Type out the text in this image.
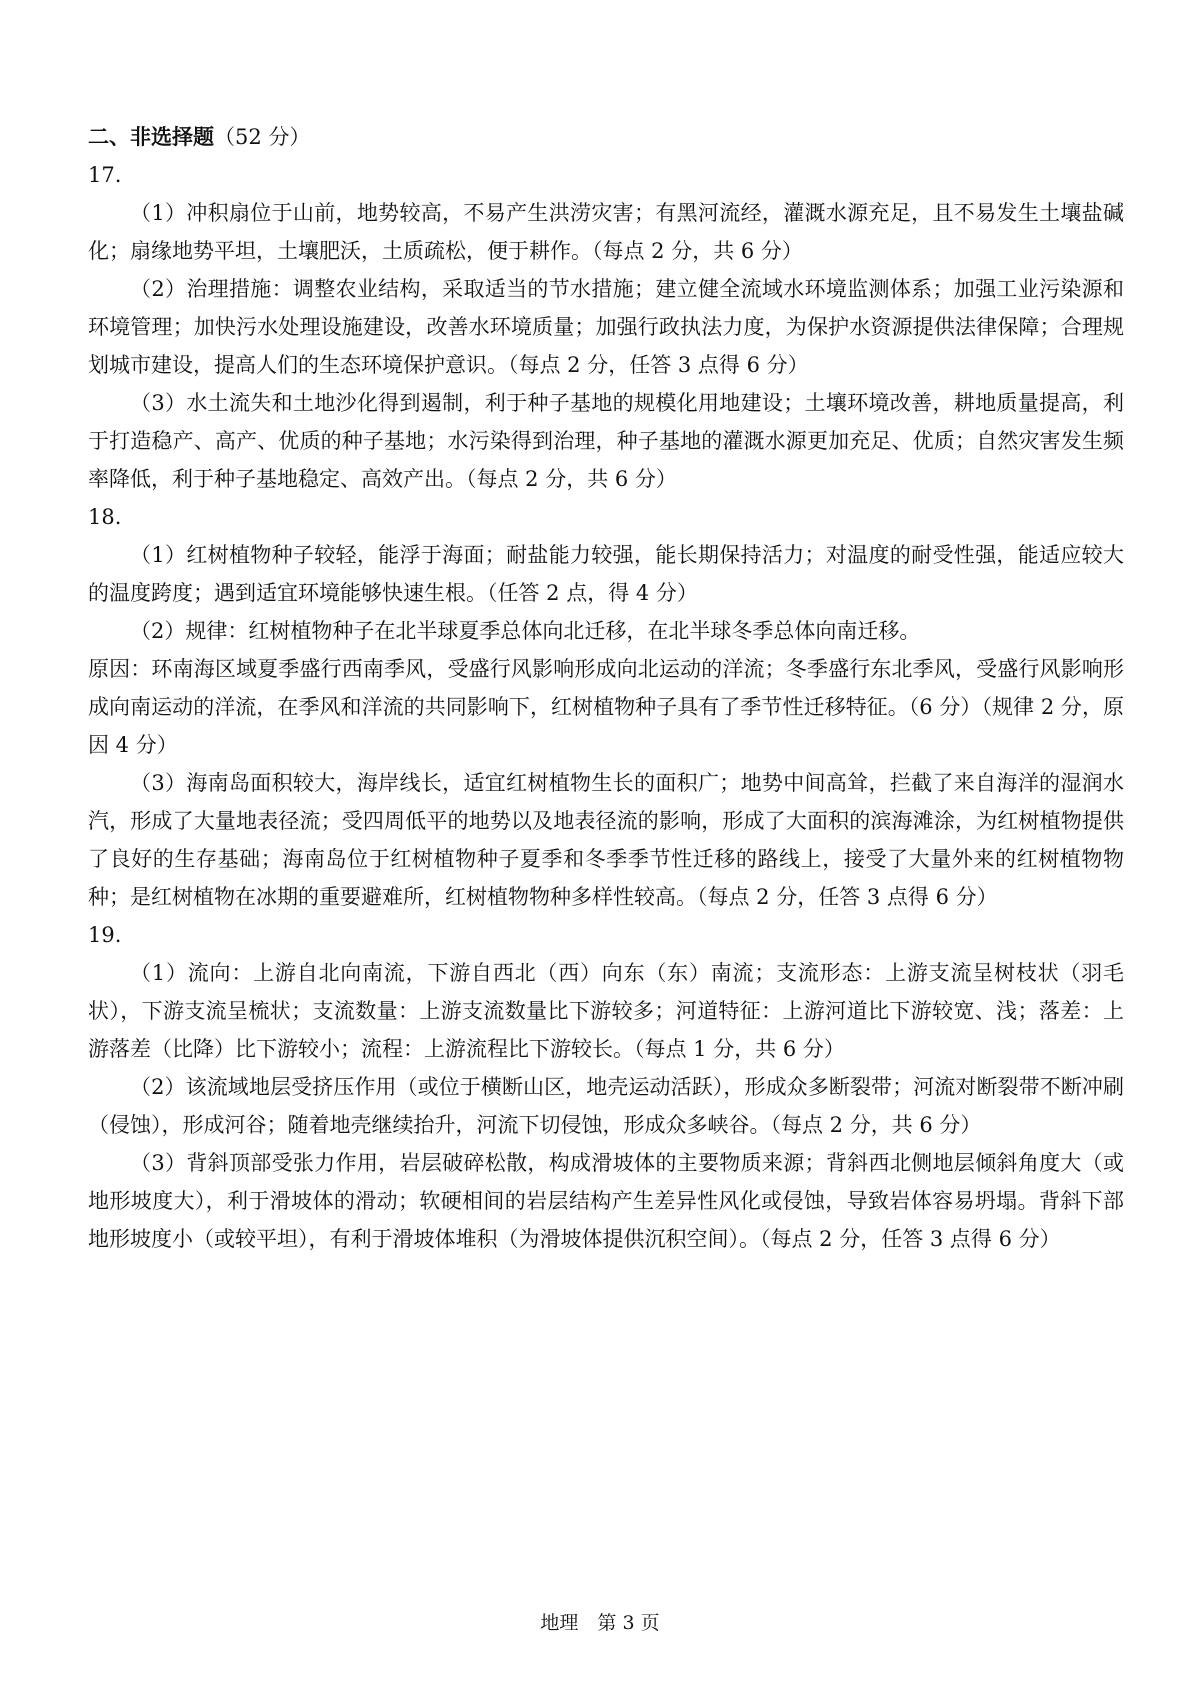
二、非选择题（52 分）

17.

（1）冲积扇位于山前，地势较高，不易产生洪涝灾害；有黑河流经，灌溉水源充足，且不易发生土壤盐碱化；扇缘地势平坦，土壤肥沃，土质疏松，便于耕作。（每点 2 分，共 6 分）

（2）治理措施：调整农业结构，采取适当的节水措施；建立健全流域水环境监测体系；加强工业污染源和环境管理；加快污水处理设施建设，改善水环境质量；加强行政执法力度，为保护水资源提供法律保障；合理规划城市建设，提高人们的生态环境保护意识。（每点 2 分，任答 3 点得 6 分）

（3）水土流失和土地沙化得到遏制，利于种子基地的规模化用地建设；土壤环境改善，耕地质量提高，利于打造稳产、高产、优质的种子基地；水污染得到治理，种子基地的灌溉水源更加充足、优质；自然灾害发生频率降低，利于种子基地稳定、高效产出。（每点 2 分，共 6 分）

18.

（1）红树植物种子较轻，能浮于海面；耐盐能力较强，能长期保持活力；对温度的耐受性强，能适应较大的温度跨度；遇到适宜环境能够快速生根。（任答 2 点，得 4 分）

（2）规律：红树植物种子在北半球夏季总体向北迁移，在北半球冬季总体向南迁移。

原因：环南海区域夏季盛行西南季风，受盛行风影响形成向北运动的洋流；冬季盛行东北季风，受盛行风影响形成向南运动的洋流，在季风和洋流的共同影响下，红树植物种子具有了季节性迁移特征。（6 分）（规律 2 分，原因 4 分）

（3）海南岛面积较大，海岸线长，适宜红树植物生长的面积广；地势中间高耸，拦截了来自海洋的湿润水汽，形成了大量地表径流；受四周低平的地势以及地表径流的影响，形成了大面积的滨海滩涂，为红树植物提供了良好的生存基础；海南岛位于红树植物种子夏季和冬季季节性迁移的路线上，接受了大量外来的红树植物物种；是红树植物在冰期的重要避难所，红树植物物种多样性较高。（每点 2 分，任答 3 点得 6 分）

19.

（1）流向：上游自北向南流，下游自西北（西）向东（东）南流；支流形态：上游支流呈树枝状（羽毛状），下游支流呈梳状；支流数量：上游支流数量比下游较多；河道特征：上游河道比下游较宽、浅；落差：上游落差（比降）比下游较小；流程：上游流程比下游较长。（每点 1 分，共 6 分）

（2）该流域地层受挤压作用（或位于横断山区，地壳运动活跃），形成众多断裂带；河流对断裂带不断冲刷（侵蚀），形成河谷；随着地壳继续抬升，河流下切侵蚀，形成众多峡谷。（每点 2 分，共 6 分）

（3）背斜顶部受张力作用，岩层破碎松散，构成滑坡体的主要物质来源；背斜西北侧地层倾斜角度大（或地形坡度大），利于滑坡体的滑动；软硬相间的岩层结构产生差异性风化或侵蚀，导致岩体容易坍塌。背斜下部地形坡度小（或较平坦），有利于滑坡体堆积（为滑坡体提供沉积空间）。（每点 2 分，任答 3 点得 6 分）

地理　第 3 页
